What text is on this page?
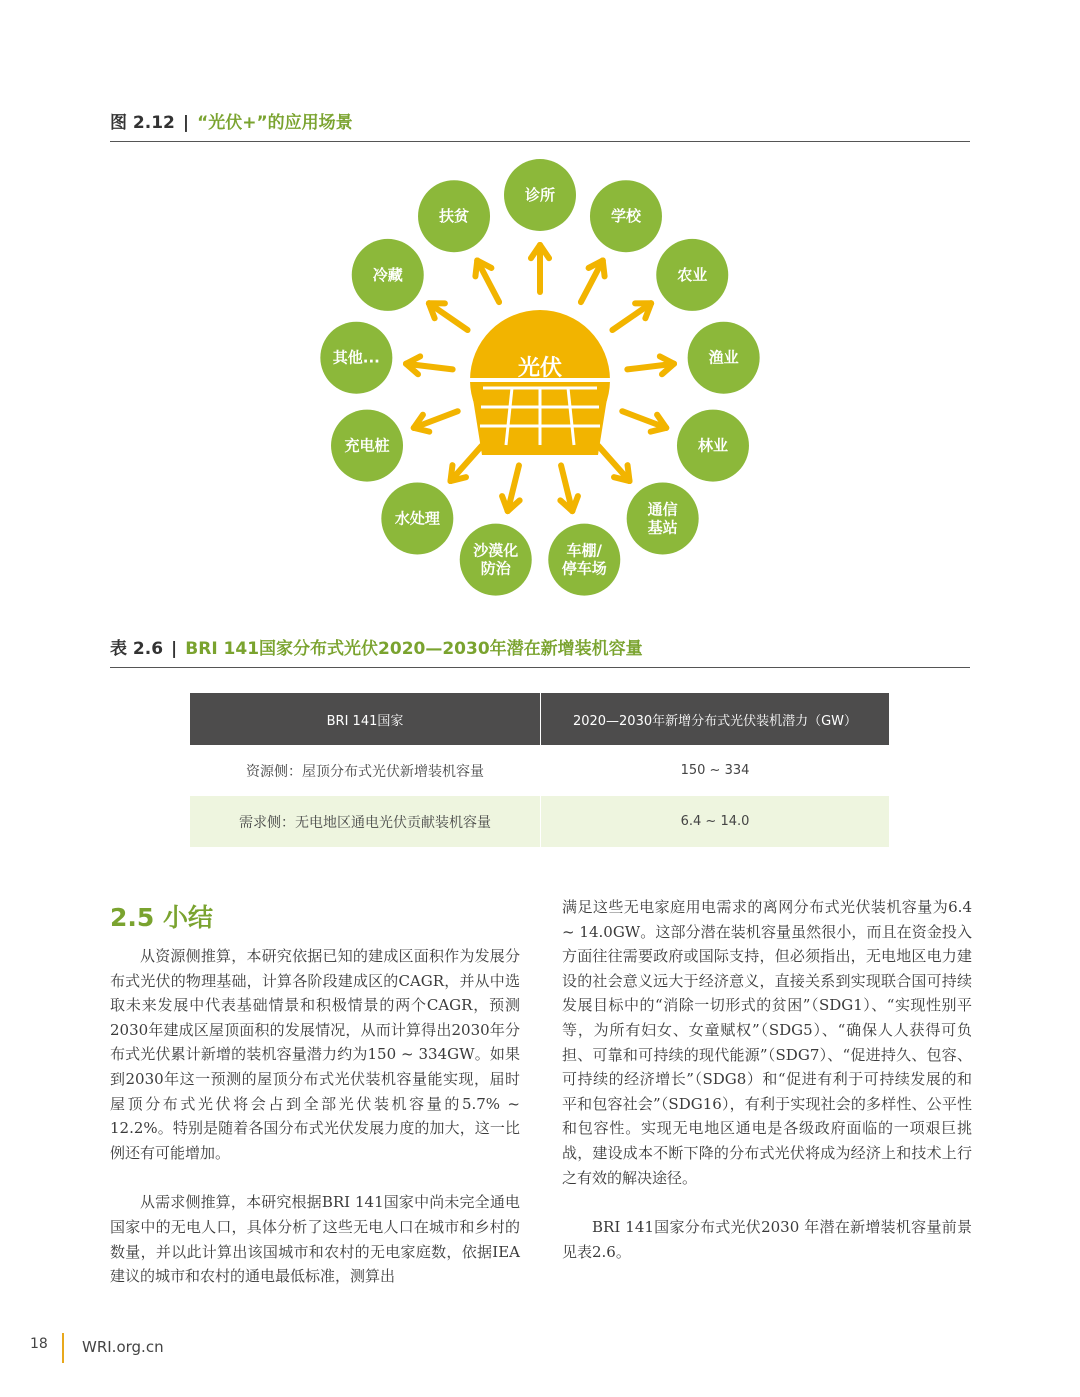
图 2.12 | “光伏+”的应用场景
光伏
诊所
学校
农业
渔业
林业
通信
基站
车棚/
停车场
沙漠化
防治
水处理
充电桩
其他...
冷藏
扶贫
表 2.6 | BRI 141国家分布式光伏2020—2030年潜在新增装机容量
BRI 141国家	2020—2030年新增分布式光伏装机潜力（GW）
资源侧：屋顶分布式光伏新增装机容量	150 ~ 334
需求侧：无电地区通电光伏贡献装机容量	6.4 ~ 14.0
2.5 小结

从资源侧推算，本研究依据已知的建成区面积作为发展分布式光伏的物理基础，计算各阶段建成区的CAGR，并从中选取未来发展中代表基础情景和积极情景的两个CAGR，预测2030年建成区屋顶面积的发展情况，从而计算得出2030年分布式光伏累计新增的装机容量潜力约为150 ~ 334GW。如果到2030年这一预测的屋顶分布式光伏装机容量能实现，届时屋顶分布式光伏将会占到全部光伏装机容量的5.7% ~ 12.2%。特别是随着各国分布式光伏发展力度的加大，这一比例还有可能增加。

从需求侧推算，本研究根据BRI 141国家中尚未完全通电国家中的无电人口，具体分析了这些无电人口在城市和乡村的数量，并以此计算出该国城市和农村的无电家庭数，依据IEA建议的城市和农村的通电最低标准，测算出

满足这些无电家庭用电需求的离网分布式光伏装机容量为6.4 ~ 14.0GW。这部分潜在装机容量虽然很小，而且在资金投入方面往往需要政府或国际支持，但必须指出，无电地区电力建设的社会意义远大于经济意义，直接关系到实现联合国可持续发展目标中的“消除一切形式的贫困”（SDG1）、“实现性别平等，为所有妇女、女童赋权”（SDG5）、“确保人人获得可负担、可靠和可持续的现代能源”（SDG7）、“促进持久、包容、可持续的经济增长”（SDG8）和“促进有利于可持续发展的和平和包容社会”（SDG16），有利于实现社会的多样性、公平性和包容性。实现无电地区通电是各级政府面临的一项艰巨挑战，建设成本不断下降的分布式光伏将成为经济上和技术上行之有效的解决途径。

BRI 141国家分布式光伏2030 年潜在新增装机容量前景见表2.6。

18 WRI.org.cn
